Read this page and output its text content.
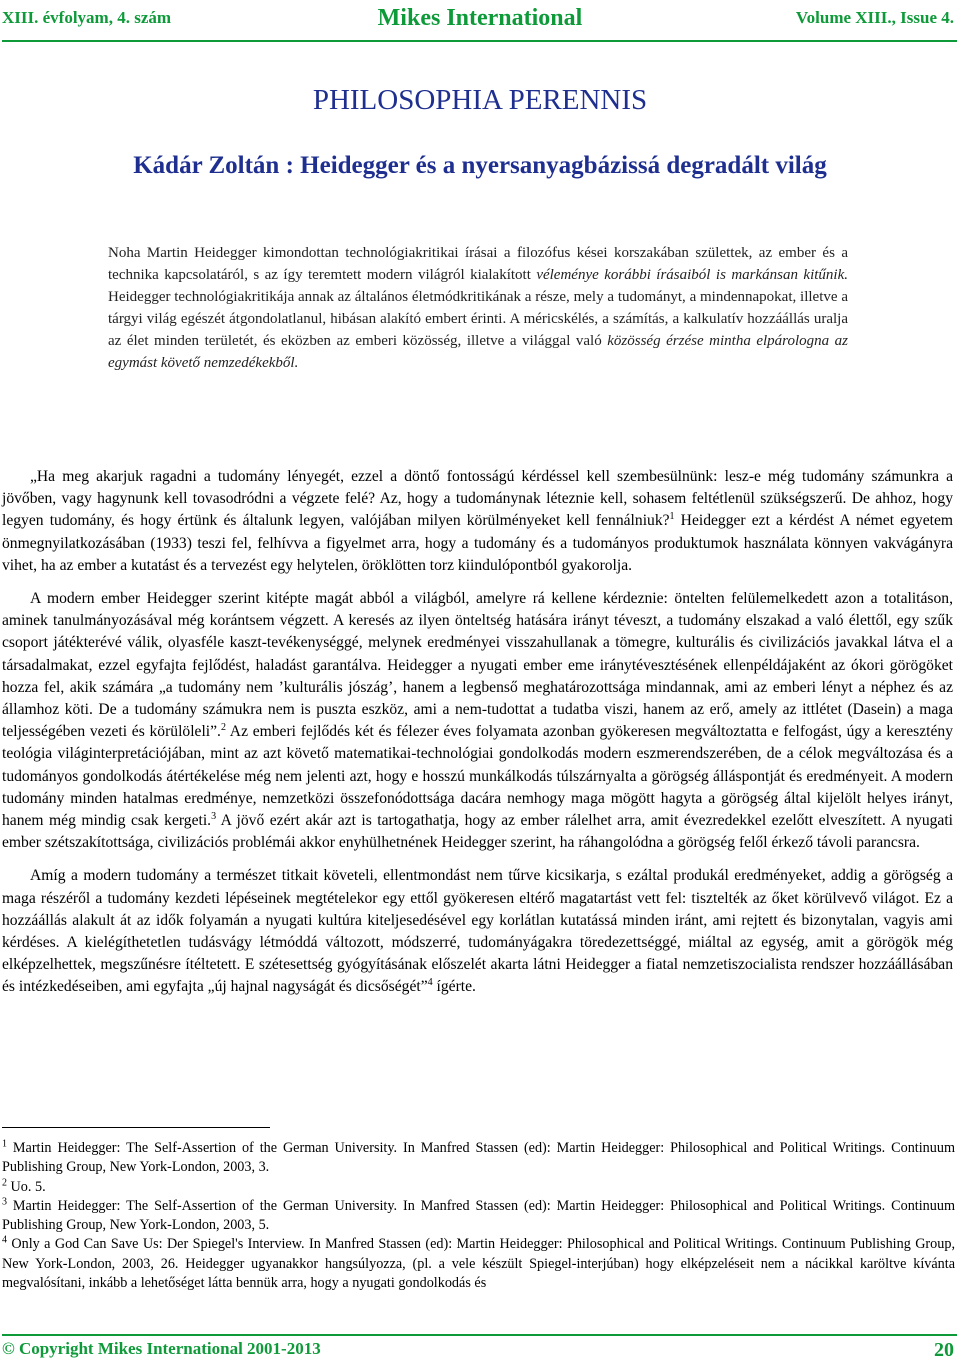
XIII. évfolyam, 4. szám	Mikes International	Volume XIII., Issue 4.
PHILOSOPHIA PERENNIS
Kádár Zoltán : Heidegger és a nyersanyagbázissá degradált világ
Noha Martin Heidegger kimondottan technológiakritikai írásai a filozófus kései korszakában születtek, az ember és a technika kapcsolatáról, s az így teremtett modern világról kialakított véleménye korábbi írásaiból is markánsan kitűnik. Heidegger technológiakritikája annak az általános életmódkritikának a része, mely a tudományt, a mindennapokat, illetve a tárgyi világ egészét átgondolatlanul, hibásan alakító embert érinti. A méricskélés, a számítás, a kalkulatív hozzáállás uralja az élet minden területét, és eközben az emberi közösség, illetve a világgal való közösség érzése mintha elpárologna az egymást követő nemzedékekből.

„Ha meg akarjuk ragadni a tudomány lényegét, ezzel a döntő fontosságú kérdéssel kell szembesülnünk: lesz-e még tudomány számunkra a jövőben, vagy hagynunk kell tovasodródni a végzete felé? Az, hogy a tudománynak léteznie kell, sohasem feltétlenül szükségszerű. De ahhoz, hogy legyen tudomány, és hogy értünk és általunk legyen, valójában milyen körülményeket kell fennálniuk?$^1$ Heidegger ezt a kérdést A német egyetem önmegnyilatkozásában (1933) teszi fel, felhívva a figyelmet arra, hogy a tudomány és a tudományos produktumok használata könnyen vakvágányra vihet, ha az ember a kutatást és a tervezést egy helytelen, öröklötten torz kiindulópontból gyakorolja.

A modern ember Heidegger szerint kitépte magát abból a világból, amelyre rá kellene kérdeznie: öntelten felülemelkedett azon a totalitáson, aminek tanulmányozásával még korántsem végzett. A keresés az ilyen önteltség hatására irányt téveszt, a tudomány elszakad a való élettől, egy szűk csoport játékterévé válik, olyasféle kaszt-tevékenységgé, melynek eredményei visszahullanak a tömegre, kulturális és civilizációs javakkal látva el a társadalmakat, ezzel egyfajta fejlődést, haladást garantálva. Heidegger a nyugati ember eme iránytévesztésének ellenpéldájaként az ókori görögöket hozza fel, akik számára „a tudomány nem ’kulturális jószág’, hanem a legbenső meghatározottsága mindannak, ami az emberi lényt a néphez és az államhoz köti. De a tudomány számukra nem is puszta eszköz, ami a nem-tudottat a tudatba viszi, hanem az erő, amely az ittlétet (Dasein) a maga teljességében vezeti és körülöleli”.$^2$ Az emberi fejlődés két és félezer éves folyamata azonban gyökeresen megváltoztatta e felfogást, úgy a keresztény teológia világinterpretációjában, mint az azt követő matematikai-technológiai gondolkodás modern eszmerendszerében, de a célok megváltozása és a tudományos gondolkodás átértékelése még nem jelenti azt, hogy e hosszú munkálkodás túlszárnyalta a görögség álláspontját és eredményeit. A modern tudomány minden hatalmas eredménye, nemzetközi összefonódottsága dacára nemhogy maga mögött hagyta a görögség által kijelölt helyes irányt, hanem még mindig csak kergeti.$^3$ A jövő ezért akár azt is tartogathatja, hogy az ember rálelhet arra, amit évezredekkel ezelőtt elveszített. A nyugati ember szétszakítottsága, civilizációs problémái akkor enyhülhetnének Heidegger szerint, ha ráhangolódna a görögség felől érkező távoli parancsra.

Amíg a modern tudomány a természet titkait követeli, ellentmondást nem tűrve kicsikarja, s ezáltal produkál eredményeket, addig a görögség a maga részéről a tudomány kezdeti lépéseinek megtételekor egy ettől gyökeresen eltérő magatartást vett fel: tisztelték az őket körülvevő világot. Ez a hozzáállás alakult át az idők folyamán a nyugati kultúra kiteljesedésével egy korlátlan kutatássá minden iránt, ami rejtett és bizonytalan, vagyis ami kérdéses. A kielégíthetetlen tudásvágy létmóddá változott, módszerré, tudományágakra töredezettséggé, miáltal az egység, amit a görögök még elképzelhettek, megszűnésre ítéltetett. E szétesettség gyógyításának előszelét akarta látni Heidegger a fiatal nemzetiszocialista rendszer hozzáállásában és intézkedéseiben, ami egyfajta „új hajnal nagyságát és dicsőségét”$^4$ ígérte.

$^1$ Martin Heidegger: The Self-Assertion of the German University. In Manfred Stassen (ed): Martin Heidegger: Philosophical and Political Writings. Continuum Publishing Group, New York-London, 2003, 3.

$^2$ Uo. 5.

$^3$ Martin Heidegger: The Self-Assertion of the German University. In Manfred Stassen (ed): Martin Heidegger: Philosophical and Political Writings. Continuum Publishing Group, New York-London, 2003, 5.

$^4$ Only a God Can Save Us: Der Spiegel's Interview. In Manfred Stassen (ed): Martin Heidegger: Philosophical and Political Writings. Continuum Publishing Group, New York-London, 2003, 26. Heidegger ugyanakkor hangsúlyozza, (pl. a vele készült Spiegel-interjúban) hogy elképzeléseit nem a nácikkal karöltve kívánta megvalósítani, inkább a lehetőséget látta bennük arra, hogy a nyugati gondolkodás és

© Copyright Mikes International 2001-2013	20
